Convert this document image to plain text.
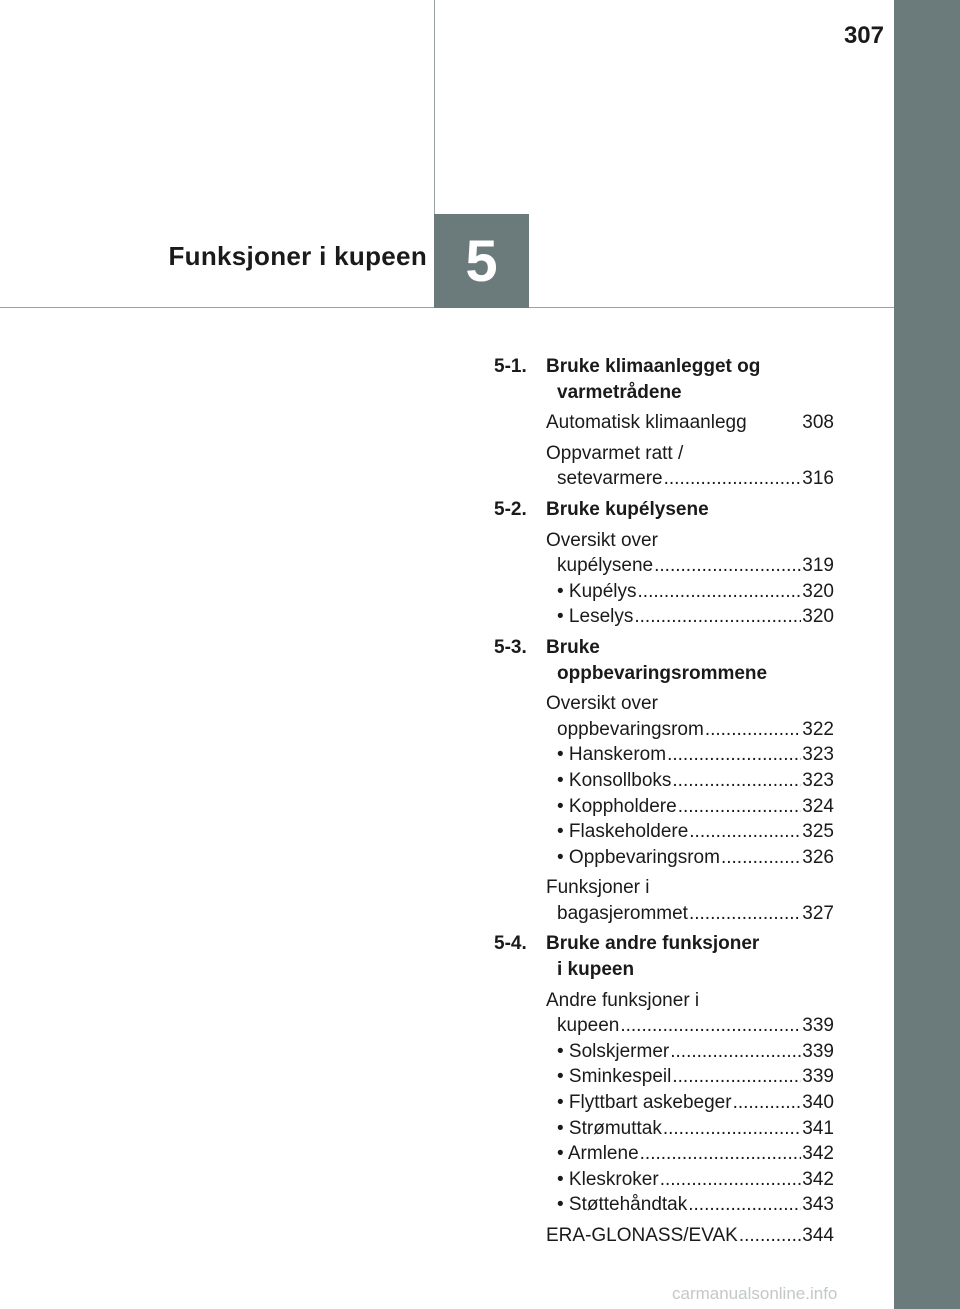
307
5
Funksjoner i kupeen
5-1. Bruke klimaanlegget og
varmetrådene
Automatisk klimaanlegg	308
Oppvarmet ratt /
setevarmere .....	316
5-2. Bruke kupélysene
Oversikt over
kupélysene .....	319
• Kupélys .....	320
• Leselys .....	320
5-3. Bruke
oppbevaringsrommene
Oversikt over
oppbevaringsrom .....	322
• Hanskerom .....	323
• Konsollboks .....	323
• Koppholdere .....	324
• Flaskeholdere .....	325
• Oppbevaringsrom .....	326
Funksjoner i
bagasjerommet .....	327
5-4. Bruke andre funksjoner
i kupeen
Andre funksjoner i
kupeen .....	339
• Solskjermer .....	339
• Sminkespeil .....	339
• Flyttbart askebeger .....	340
• Strømuttak .....	341
• Armlene .....	342
• Kleskroker .....	342
• Støttehåndtak .....	343
ERA-GLONASS/EVAK .....	344
carmanualsonline.info
